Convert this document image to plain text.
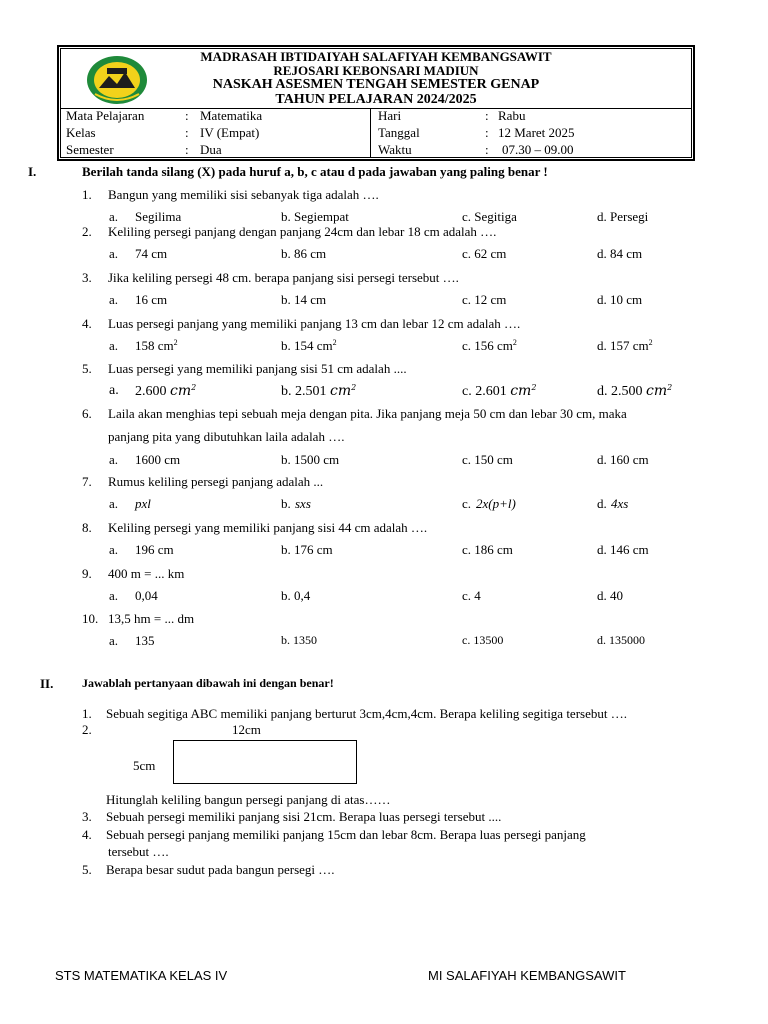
MADRASAH IBTIDAIYAH SALAFIYAH KEMBANGSAWIT
REJOSARI KEBONSARI MADIUN
NASKAH ASESMEN TENGAH SEMESTER GENAP
TAHUN PELAJARAN 2024/2025
Mata Pelajaran	: Matematika
Kelas	: IV (Empat)
Semester	: Dua
Hari	: Rabu
Tanggal	: 12 Maret 2025
Waktu	: 07.30 – 09.00
I.	Berilah tanda silang (X) pada huruf a, b, c atau d pada jawaban yang paling benar !
1. Bangun yang memiliki sisi sebanyak tiga adalah ….
a. Segilima	b. Segiempat	c. Segitiga	d. Persegi
2. Keliling persegi panjang dengan panjang 24cm dan lebar 18 cm adalah ….
a. 74 cm	b. 86 cm	c. 62 cm	d. 84 cm
3. Jika keliling persegi 48 cm. berapa panjang sisi persegi tersebut ….
a. 16 cm	b. 14 cm	c. 12 cm	d. 10 cm
4. Luas persegi panjang yang memiliki panjang 13 cm dan lebar 12 cm adalah ….
a. 158 $cm^2$	b. 154 $cm^2$	c. 156 $cm^2$	d. 157 $cm^2$
5. Luas persegi yang memiliki panjang sisi 51 cm adalah ....
a. 2.600 $cm^2$	b. 2.501 $cm^2$	c. 2.601 $cm^2$	d. 2.500 $cm^2$
6. Laila akan menghias tepi sebuah meja dengan pita. Jika panjang meja 50 cm dan lebar 30 cm, maka
panjang pita yang dibutuhkan laila adalah ….
a. 1600 cm	b. 1500 cm	c. 150 cm	d. 160 cm
7. Rumus keliling persegi panjang adalah ...
a. pxl	b. sxs	c. 2x(p+l)	d. 4xs
8. Keliling persegi yang memiliki panjang sisi 44 cm adalah ….
a. 196 cm	b. 176 cm	c. 186 cm	d. 146 cm
9. 400 m = ... km
a. 0,04	b. 0,4	c. 4	d. 40
10. 13,5 hm = ... dm
a. 135	b. 1350	c. 13500	d. 135000
II. Jawablah pertanyaan dibawah ini dengan benar!
1. Sebuah segitiga ABC memiliki panjang berturut 3cm,4cm,4cm. Berapa keliling segitiga tersebut ….
2.	12cm
5cm
Hitunglah keliling bangun persegi panjang di atas……
3. Sebuah persegi memiliki panjang sisi 21cm. Berapa luas persegi tersebut ....
4. Sebuah persegi panjang memiliki panjang 15cm dan lebar 8cm. Berapa luas persegi panjang
tersebut ….
5. Berapa besar sudut pada bangun persegi ….
STS MATEMATIKA KELAS IV	MI SALAFIYAH KEMBANGSAWIT
